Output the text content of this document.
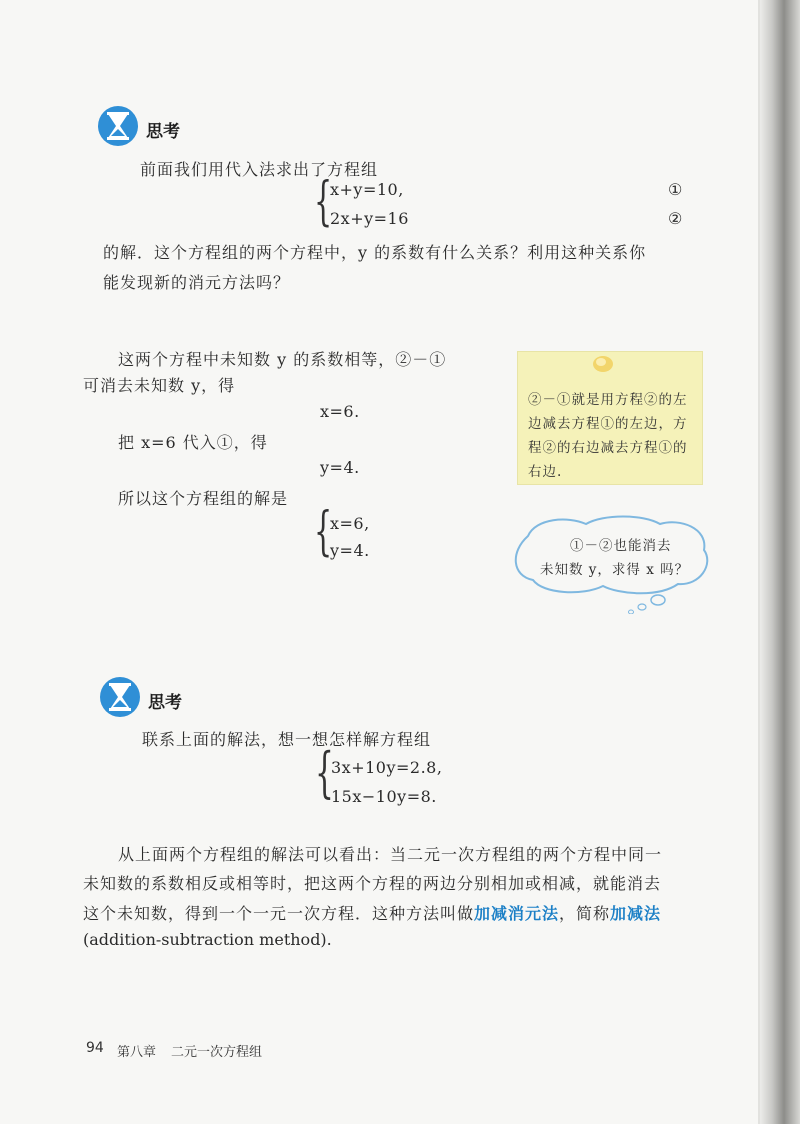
思考
前面我们用代入法求出了方程组
{
x+y=10,	①
2x+y=16	②
的解．这个方程组的两个方程中，y 的系数有什么关系？利用这种关系你
能发现新的消元方法吗？
这两个方程中未知数 y 的系数相等，②－①
可消去未知数 y，得
x=6.
把 x=6 代入①，得
y=4.
所以这个方程组的解是
{
x=6,
y=4.
②－①就是用方程②的左边减去方程①的左边，方程②的右边减去方程①的右边.
①－②也能消去
未知数 y，求得 x 吗？
思考
联系上面的解法，想一想怎样解方程组
{
3x+10y=2.8,
15x−10y=8.
从上面两个方程组的解法可以看出：当二元一次方程组的两个方程中同一
未知数的系数相反或相等时，把这两个方程的两边分别相加或相减，就能消去
这个未知数，得到一个一元一次方程．这种方法叫做加减消元法，简称加减法
(addition-subtraction method).
94 第八章 二元一次方程组
